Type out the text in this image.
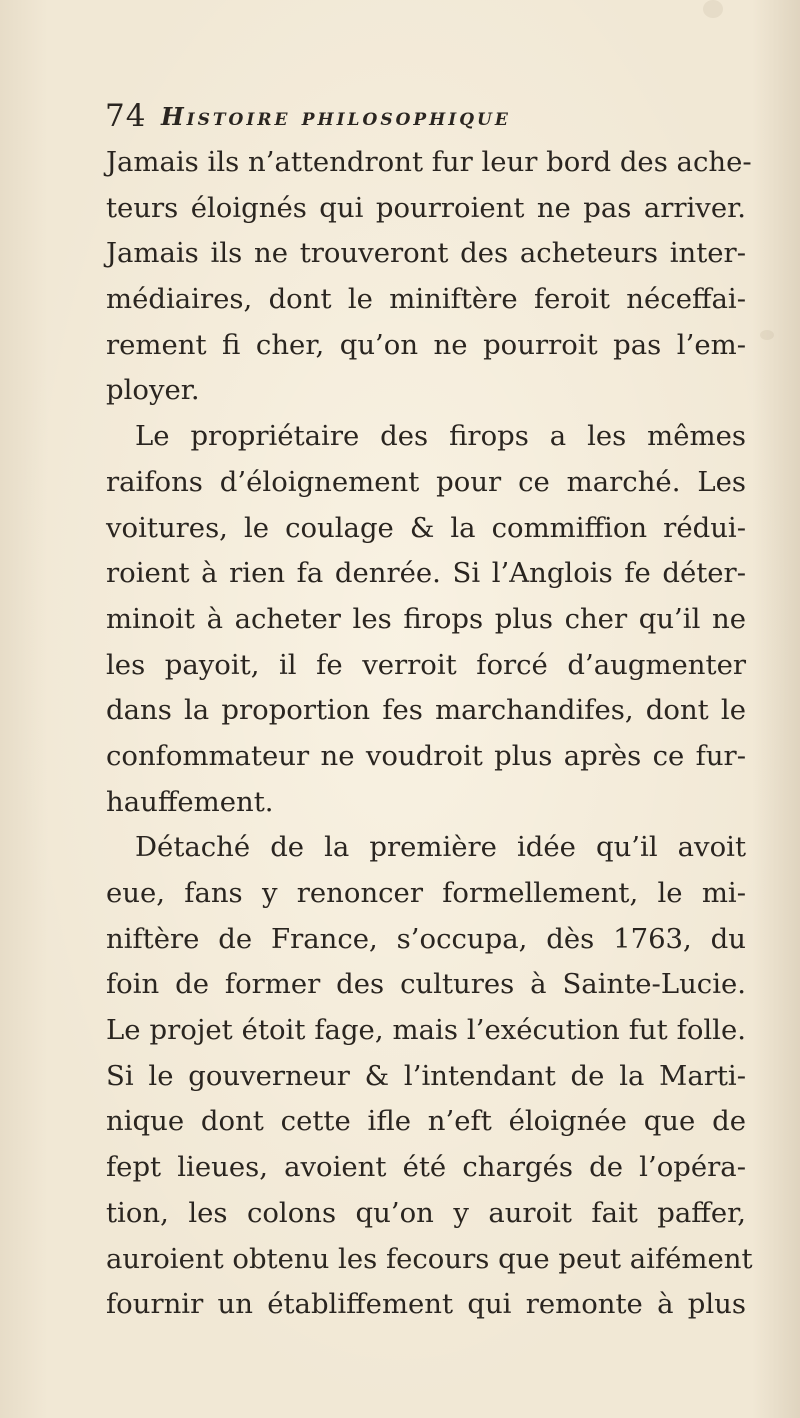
74 Histoire philosophique
Jamais ils n’attendront fur leur bord des ache-
teurs éloignés qui pourroient ne pas arriver.
Jamais ils ne trouveront des acheteurs inter-
médiaires, dont le miniftère feroit néceffai-
rement fi cher, qu’on ne pourroit pas l’em-
ployer.
Le propriétaire des firops a les mêmes
raifons d’éloignement pour ce marché. Les
voitures, le coulage & la commiffion rédui-
roient à rien fa denrée. Si l’Anglois fe déter-
minoit à acheter les firops plus cher qu’il ne
les payoit, il fe verroit forcé d’augmenter
dans la proportion fes marchandifes, dont le
confommateur ne voudroit plus après ce fur-
hauffement.
Détaché de la première idée qu’il avoit
eue, fans y renoncer formellement, le mi-
niftère de France, s’occupa, dès 1763, du
foin de former des cultures à Sainte-Lucie.
Le projet étoit fage, mais l’exécution fut folle.
Si le gouverneur & l’intendant de la Marti-
nique dont cette ifle n’eft éloignée que de
fept lieues, avoient été chargés de l’opéra-
tion, les colons qu’on y auroit fait paffer,
auroient obtenu les fecours que peut aifément
fournir un établiffement qui remonte à plus
